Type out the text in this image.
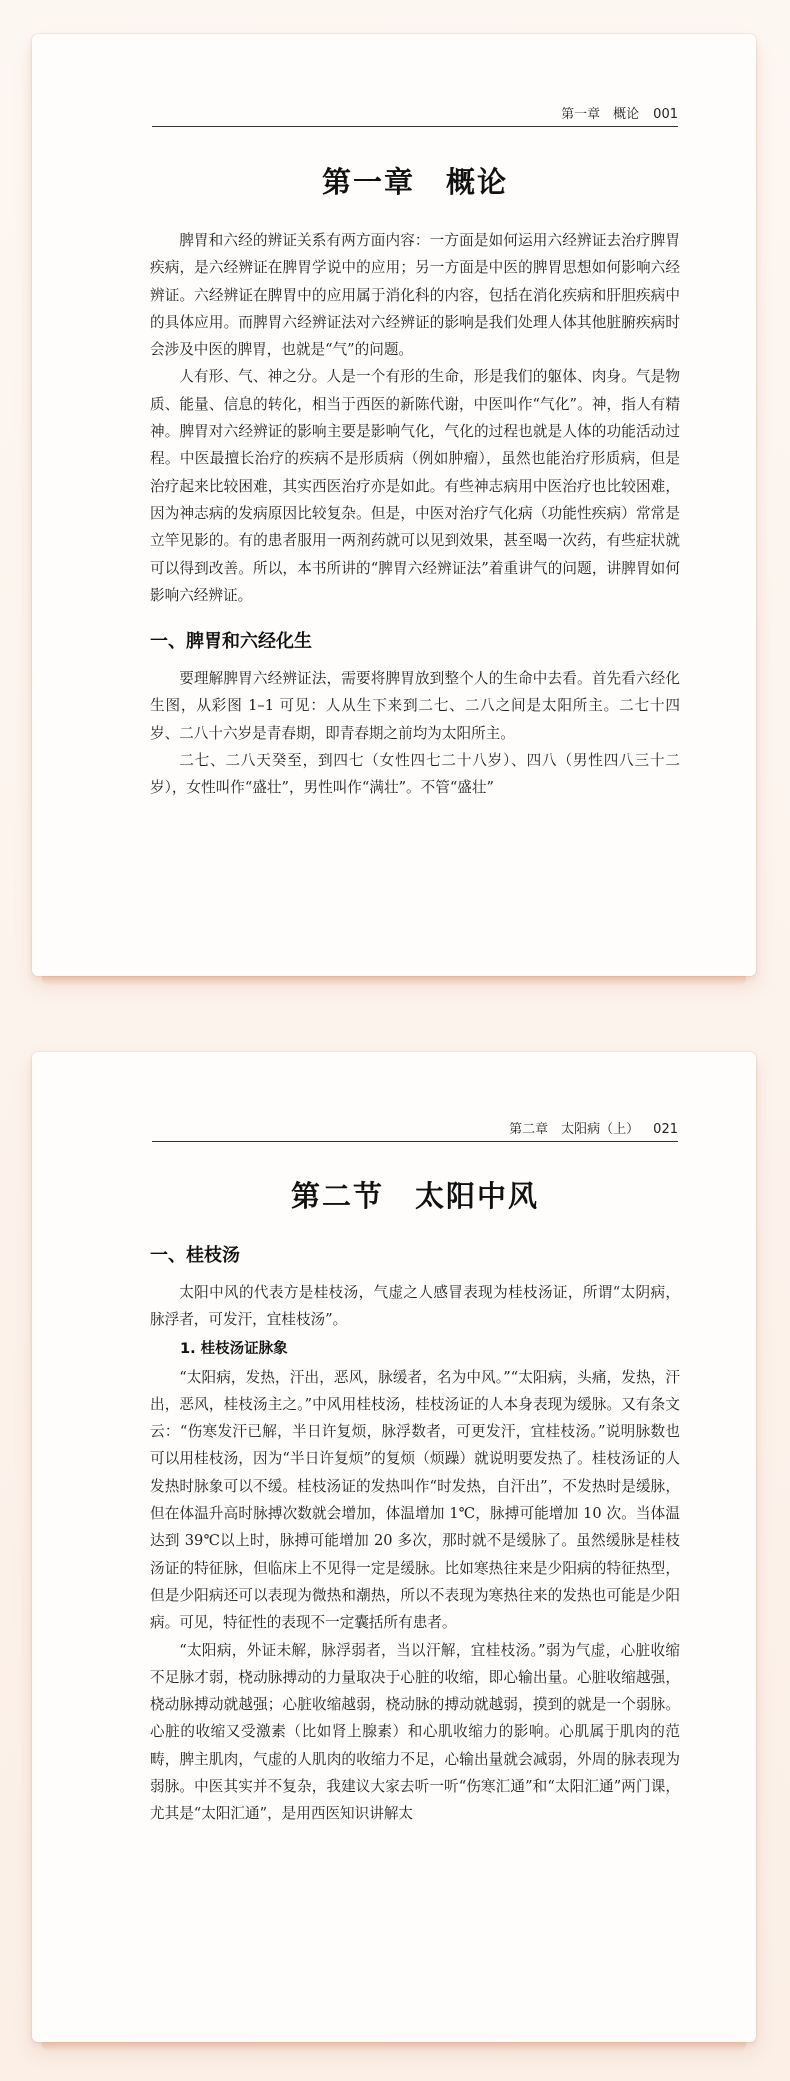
第一章　概论 001
第一章　概论

脾胃和六经的辨证关系有两方面内容：一方面是如何运用六经辨证去治疗脾胃疾病，是六经辨证在脾胃学说中的应用；另一方面是中医的脾胃思想如何影响六经辨证。六经辨证在脾胃中的应用属于消化科的内容，包括在消化疾病和肝胆疾病中的具体应用。而脾胃六经辨证法对六经辨证的影响是我们处理人体其他脏腑疾病时会涉及中医的脾胃，也就是“气”的问题。

人有形、气、神之分。人是一个有形的生命，形是我们的躯体、肉身。气是物质、能量、信息的转化，相当于西医的新陈代谢，中医叫作“气化”。神，指人有精神。脾胃对六经辨证的影响主要是影响气化，气化的过程也就是人体的功能活动过程。中医最擅长治疗的疾病不是形质病（例如肿瘤），虽然也能治疗形质病，但是治疗起来比较困难，其实西医治疗亦是如此。有些神志病用中医治疗也比较困难，因为神志病的发病原因比较复杂。但是，中医对治疗气化病（功能性疾病）常常是立竿见影的。有的患者服用一两剂药就可以见到效果，甚至喝一次药，有些症状就可以得到改善。所以，本书所讲的“脾胃六经辨证法”着重讲气的问题，讲脾胃如何影响六经辨证。

一、脾胃和六经化生

要理解脾胃六经辨证法，需要将脾胃放到整个人的生命中去看。首先看六经化生图，从彩图 1–1 可见：人从生下来到二七、二八之间是太阳所主。二七十四岁、二八十六岁是青春期，即青春期之前均为太阳所主。

二七、二八天癸至，到四七（女性四七二十八岁）、四八（男性四八三十二岁），女性叫作“盛壮”，男性叫作“满壮”。不管“盛壮”

第二章　太阳病（上） 021
第二节　太阳中风
一、桂枝汤

太阳中风的代表方是桂枝汤，气虚之人感冒表现为桂枝汤证，所谓“太阴病，脉浮者，可发汗，宜桂枝汤”。

1. 桂枝汤证脉象

“太阳病，发热，汗出，恶风，脉缓者，名为中风。”“太阳病，头痛，发热，汗出，恶风，桂枝汤主之。”中风用桂枝汤，桂枝汤证的人本身表现为缓脉。又有条文云：“伤寒发汗已解，半日许复烦，脉浮数者，可更发汗，宜桂枝汤。”说明脉数也可以用桂枝汤，因为“半日许复烦”的复烦（烦躁）就说明要发热了。桂枝汤证的人发热时脉象可以不缓。桂枝汤证的发热叫作“时发热，自汗出”，不发热时是缓脉，但在体温升高时脉搏次数就会增加，体温增加 1℃，脉搏可能增加 10 次。当体温达到 39℃以上时，脉搏可能增加 20 多次，那时就不是缓脉了。虽然缓脉是桂枝汤证的特征脉，但临床上不见得一定是缓脉。比如寒热往来是少阳病的特征热型，但是少阳病还可以表现为微热和潮热，所以不表现为寒热往来的发热也可能是少阳病。可见，特征性的表现不一定囊括所有患者。

“太阳病，外证未解，脉浮弱者，当以汗解，宜桂枝汤。”弱为气虚，心脏收缩不足脉才弱，桡动脉搏动的力量取决于心脏的收缩，即心输出量。心脏收缩越强，桡动脉搏动就越强；心脏收缩越弱，桡动脉的搏动就越弱，摸到的就是一个弱脉。心脏的收缩又受激素（比如肾上腺素）和心肌收缩力的影响。心肌属于肌肉的范畴，脾主肌肉，气虚的人肌肉的收缩力不足，心输出量就会减弱，外周的脉表现为弱脉。中医其实并不复杂，我建议大家去听一听“伤寒汇通”和“太阳汇通”两门课，尤其是“太阳汇通”，是用西医知识讲解太
